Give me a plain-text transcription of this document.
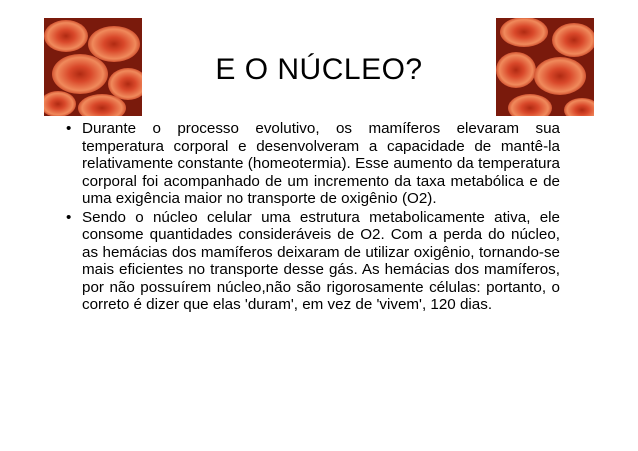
E O NÚCLEO?
• Durante o processo evolutivo, os mamíferos elevaram sua temperatura corporal e desenvolveram a capacidade de mantê-la relativamente constante (homeotermia). Esse aumento da temperatura corporal foi acompanhado de um incremento da taxa metabólica e de uma exigência maior no transporte de oxigênio (O2).
• Sendo o núcleo celular uma estrutura metabolicamente ativa, ele consome quantidades consideráveis de O2. Com a perda do núcleo, as hemácias dos mamíferos deixaram de utilizar oxigênio, tornando-se mais eficientes no transporte desse gás. As hemácias dos mamíferos, por não possuírem núcleo,não são rigorosamente células: portanto, o correto é dizer que elas 'duram', em vez de 'vivem', 120 dias.
